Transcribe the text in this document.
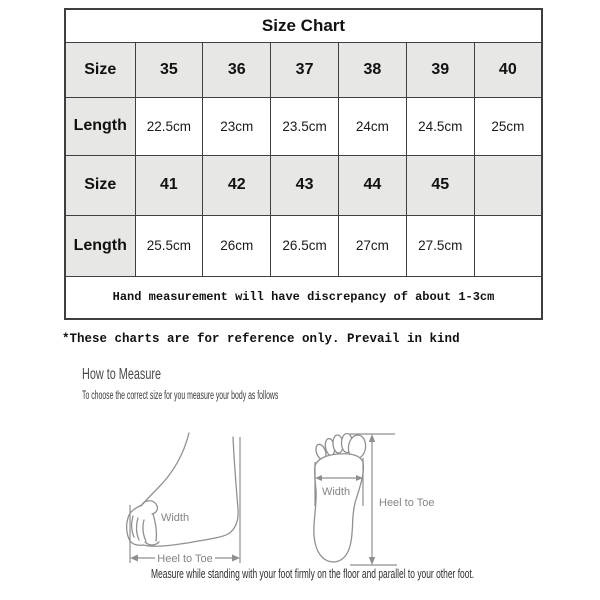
Size Chart						
Size	35	36	37	38	39	40
Length	22.5cm	23cm	23.5cm	24cm	24.5cm	25cm
Size	41	42	43	44	45	
Length	25.5cm	26cm	26.5cm	27cm	27.5cm	
Hand measurement will have discrepancy of about 1-3cm						
*These charts are for reference only. Prevail in kind
How to Measure
To choose the correct size for you measure your body as follows
Width
Heel to Toe
Width
Heel to Toe
Measure while standing with your foot firmly on the floor and parallel to your other foot.
